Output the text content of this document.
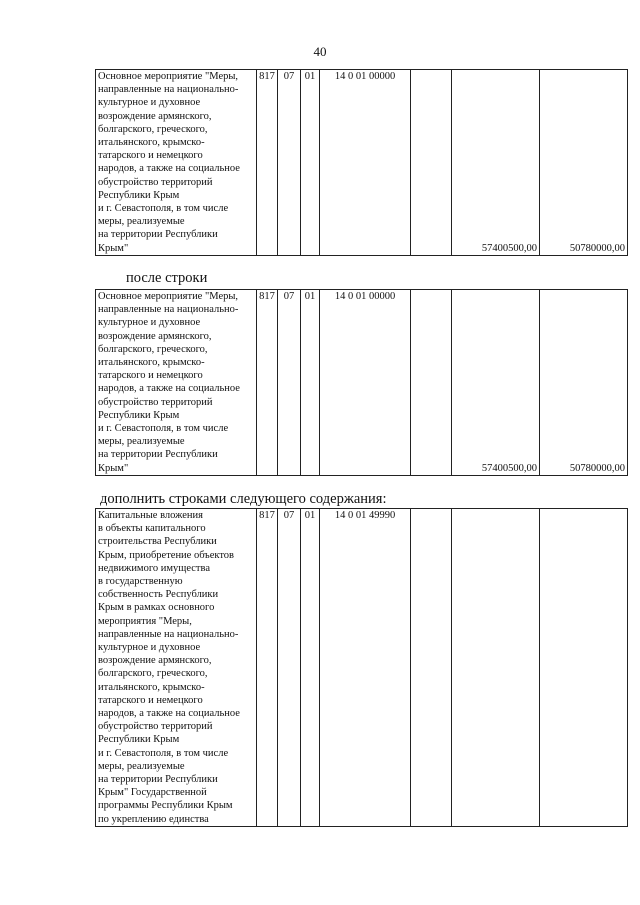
40
Основное мероприятие "Меры,
направленные на национально-
культурное и духовное
возрождение армянского,
болгарского, греческого,
итальянского, крымско-
татарского и немецкого
народов, а также на социальное
обустройство территорий
Республики Крым
и г. Севастополя, в том числе
меры, реализуемые
на территории Республики
Крым"	817	07	01	14 0 01 00000		57400500,00	50780000,00
после строки
Основное мероприятие "Меры,
направленные на национально-
культурное и духовное
возрождение армянского,
болгарского, греческого,
итальянского, крымско-
татарского и немецкого
народов, а также на социальное
обустройство территорий
Республики Крым
и г. Севастополя, в том числе
меры, реализуемые
на территории Республики
Крым"	817	07	01	14 0 01 00000		57400500,00	50780000,00
дополнить строками следующего содержания:
Капитальные вложения
в объекты капитального
строительства Республики
Крым, приобретение объектов
недвижимого имущества
в государственную
собственность Республики
Крым в рамках основного
мероприятия "Меры,
направленные на национально-
культурное и духовное
возрождение армянского,
болгарского, греческого,
итальянского, крымско-
татарского и немецкого
народов, а также на социальное
обустройство территорий
Республики Крым
и г. Севастополя, в том числе
меры, реализуемые
на территории Республики
Крым" Государственной
программы Республики Крым
по укреплению единства	817	07	01	14 0 01 49990			
